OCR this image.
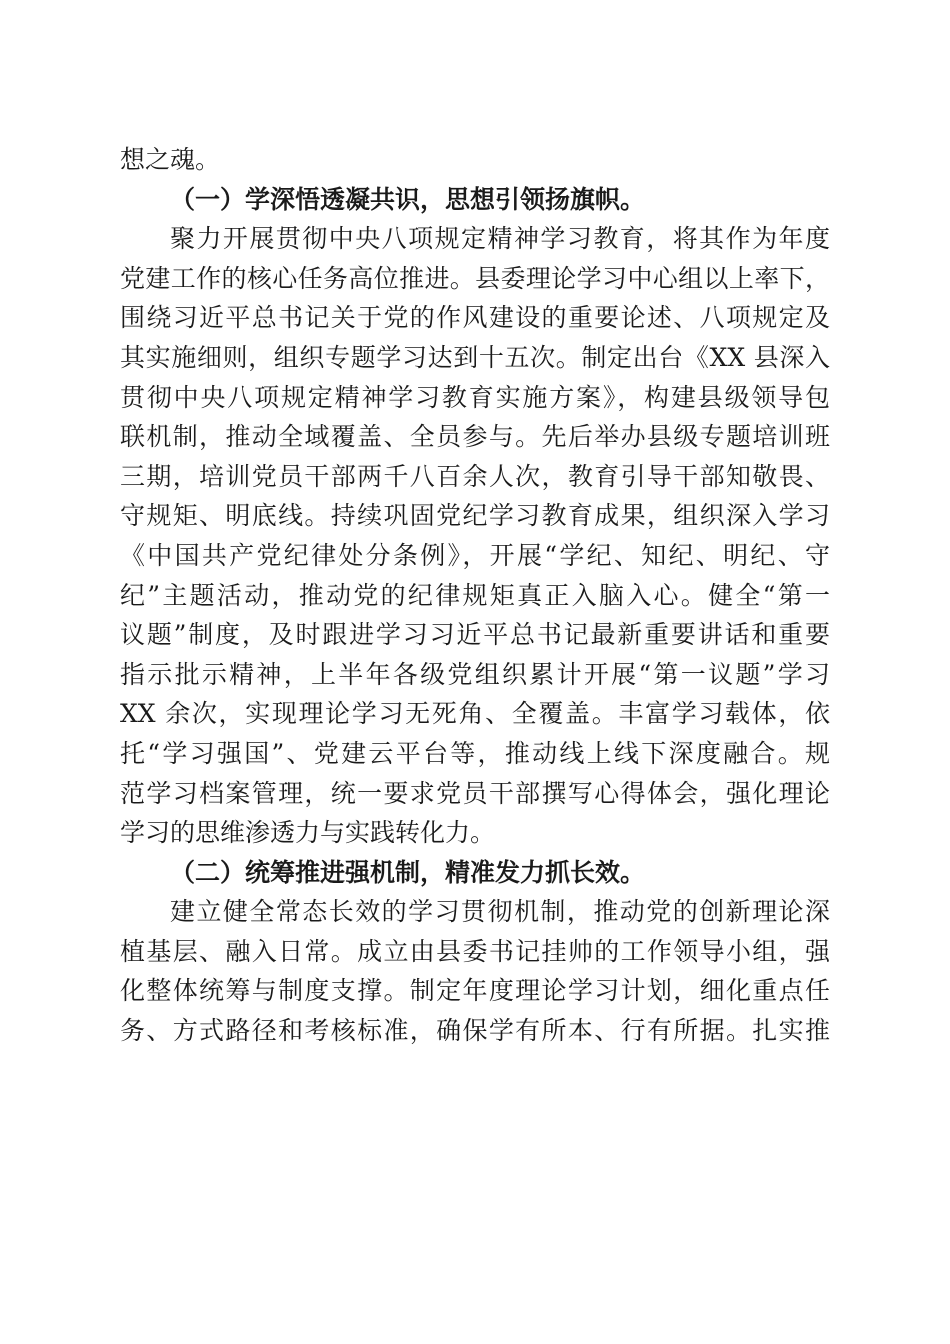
想之魂。
（一）学深悟透凝共识，思想引领扬旗帜。
聚力开展贯彻中央八项规定精神学习教育，将其作为年度
党建工作的核心任务高位推进。县委理论学习中心组以上率下，
围绕习近平总书记关于党的作风建设的重要论述、八项规定及
其实施细则，组织专题学习达到十五次。制定出台《XX 县深入
贯彻中央八项规定精神学习教育实施方案》，构建县级领导包
联机制，推动全域覆盖、全员参与。先后举办县级专题培训班
三期，培训党员干部两千八百余人次，教育引导干部知敬畏、
守规矩、明底线。持续巩固党纪学习教育成果，组织深入学习
《中国共产党纪律处分条例》，开展“学纪、知纪、明纪、守
纪”主题活动，推动党的纪律规矩真正入脑入心。健全“第一
议题”制度，及时跟进学习习近平总书记最新重要讲话和重要
指示批示精神，上半年各级党组织累计开展“第一议题”学习
XX 余次，实现理论学习无死角、全覆盖。丰富学习载体，依
托“学习强国”、党建云平台等，推动线上线下深度融合。规
范学习档案管理，统一要求党员干部撰写心得体会，强化理论
学习的思维渗透力与实践转化力。
（二）统筹推进强机制，精准发力抓长效。
建立健全常态长效的学习贯彻机制，推动党的创新理论深
植基层、融入日常。成立由县委书记挂帅的工作领导小组，强
化整体统筹与制度支撑。制定年度理论学习计划，细化重点任
务、方式路径和考核标准，确保学有所本、行有所据。扎实推
